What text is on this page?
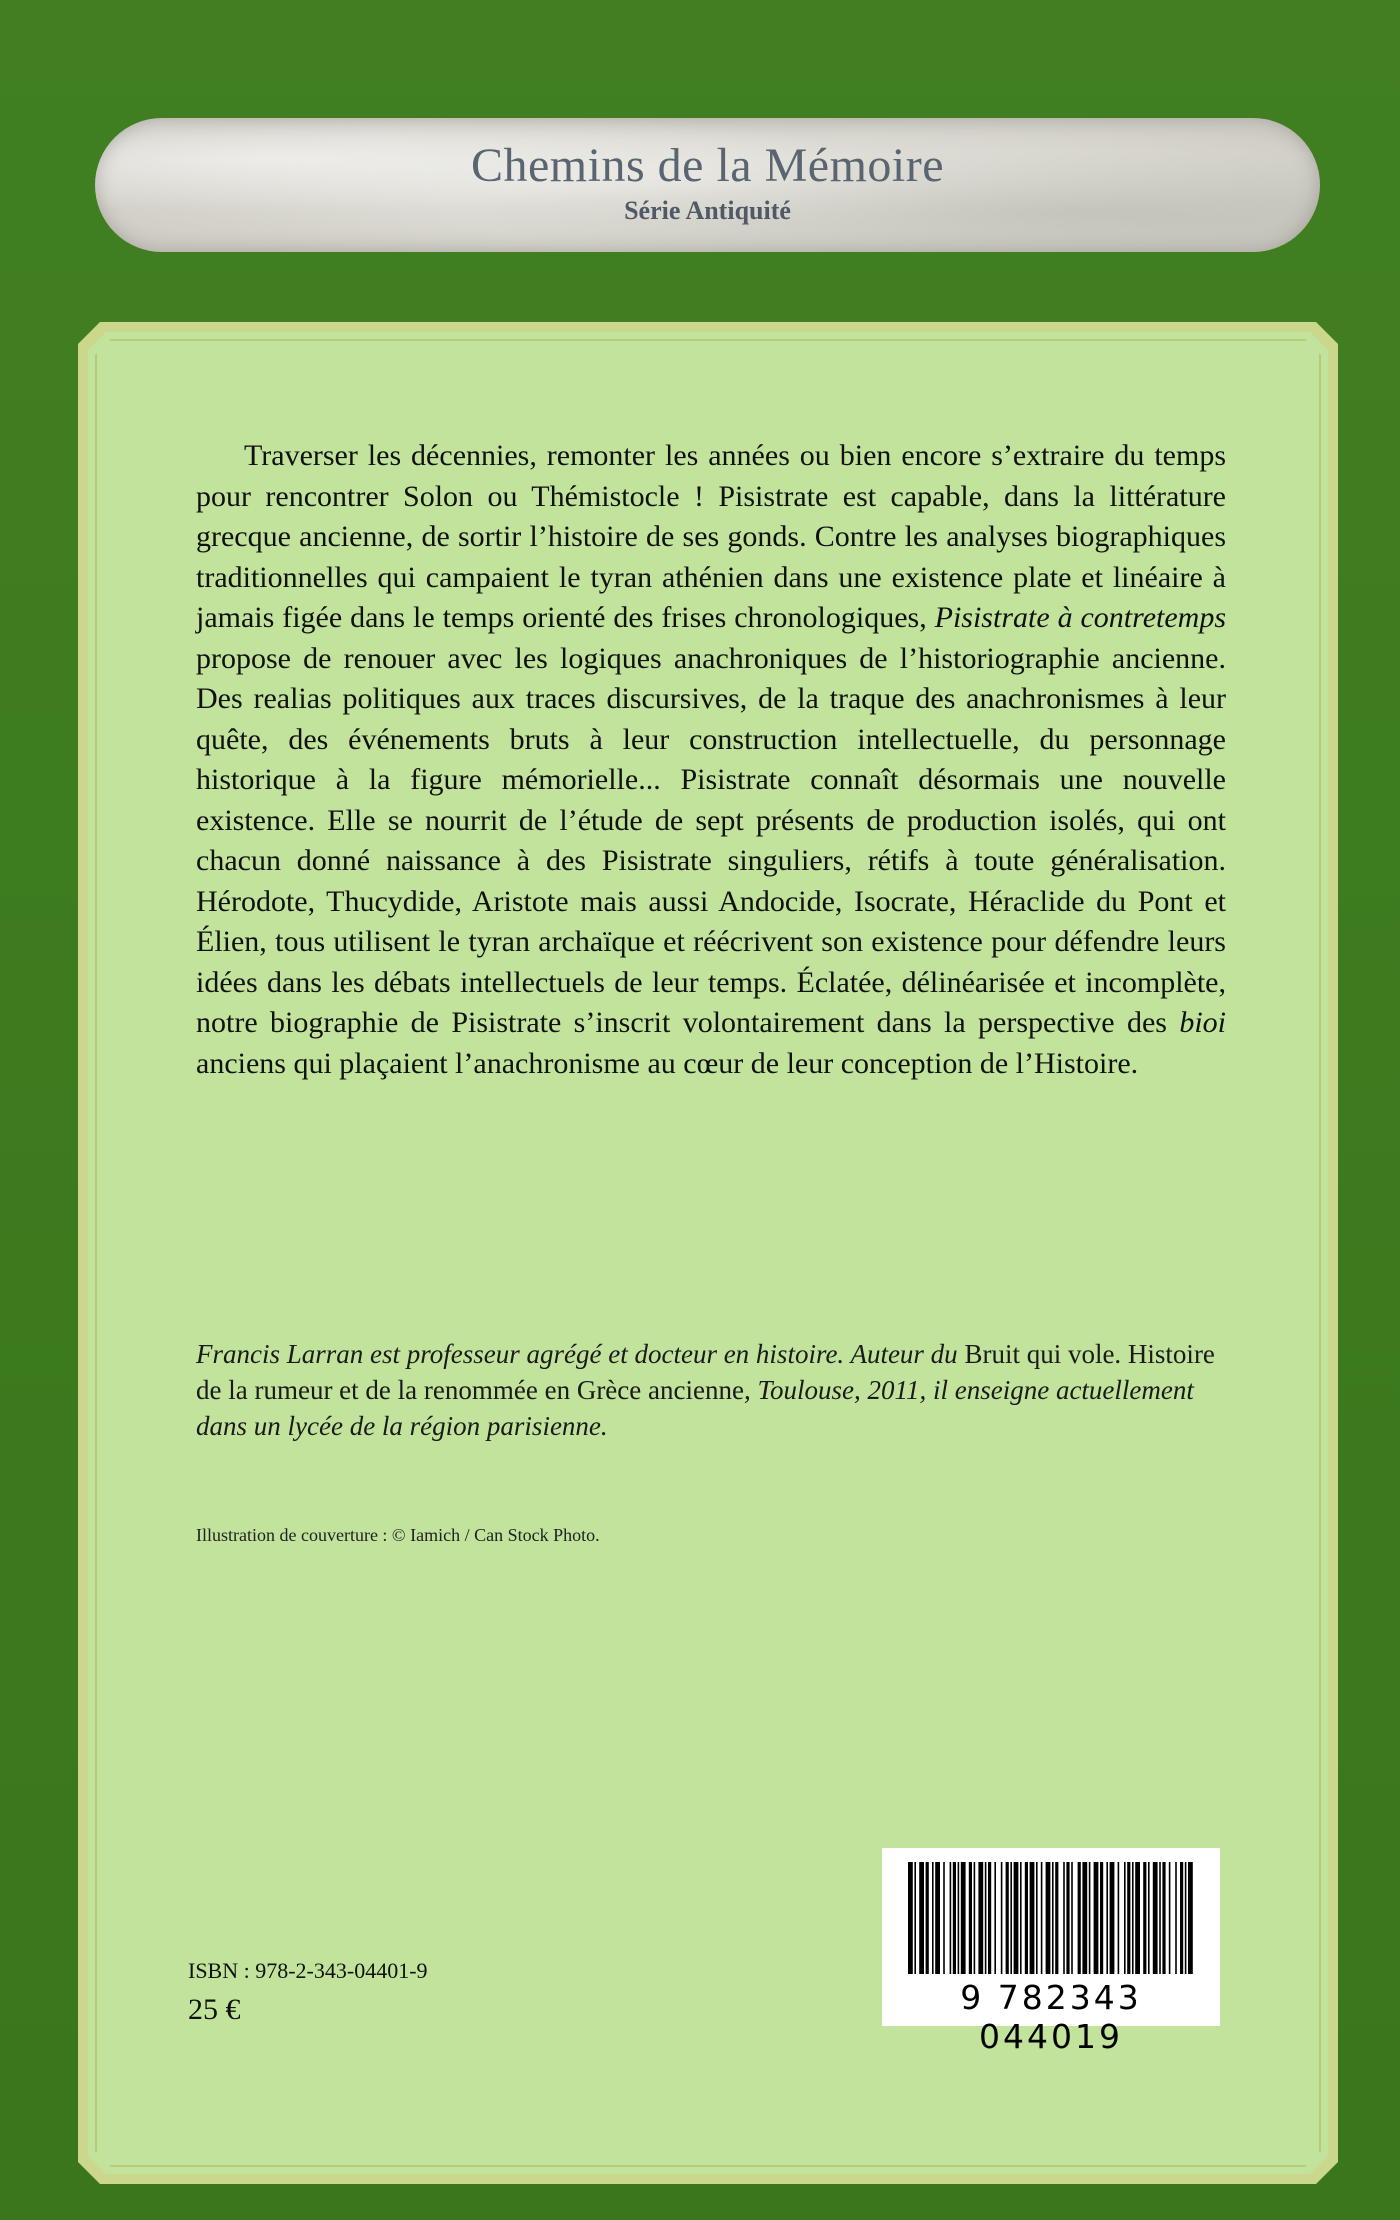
Chemins de la Mémoire
Série Antiquité

Traverser les décennies, remonter les années ou bien encore s’extraire du temps pour rencontrer Solon ou Thémistocle ! Pisistrate est capable, dans la littérature grecque ancienne, de sortir l’histoire de ses gonds. Contre les analyses biographiques traditionnelles qui campaient le tyran athénien dans une existence plate et linéaire à jamais figée dans le temps orienté des frises chronologiques, Pisistrate à contretemps propose de renouer avec les logiques anachroniques de l’historiographie ancienne. Des realias politiques aux traces discursives, de la traque des anachronismes à leur quête, des événements bruts à leur construction intellectuelle, du personnage historique à la figure mémorielle... Pisistrate connaît désormais une nouvelle existence. Elle se nourrit de l’étude de sept présents de production isolés, qui ont chacun donné naissance à des Pisistrate singuliers, rétifs à toute généralisation. Hérodote, Thucydide, Aristote mais aussi Andocide, Isocrate, Héraclide du Pont et Élien, tous utilisent le tyran archaïque et réécrivent son existence pour défendre leurs idées dans les débats intellectuels de leur temps. Éclatée, délinéarisée et incomplète, notre biographie de Pisistrate s’inscrit volontairement dans la perspective des bioi anciens qui plaçaient l’anachronisme au cœur de leur conception de l’Histoire.

Francis Larran est professeur agrégé et docteur en histoire. Auteur du Bruit qui vole. Histoire de la rumeur et de la renommée en Grèce ancienne, Toulouse, 2011, il enseigne actuellement dans un lycée de la région parisienne.

Illustration de couverture : © Iamich / Can Stock Photo.

ISBN : 978-2-343-04401-9
25 €	9 782343 044019
